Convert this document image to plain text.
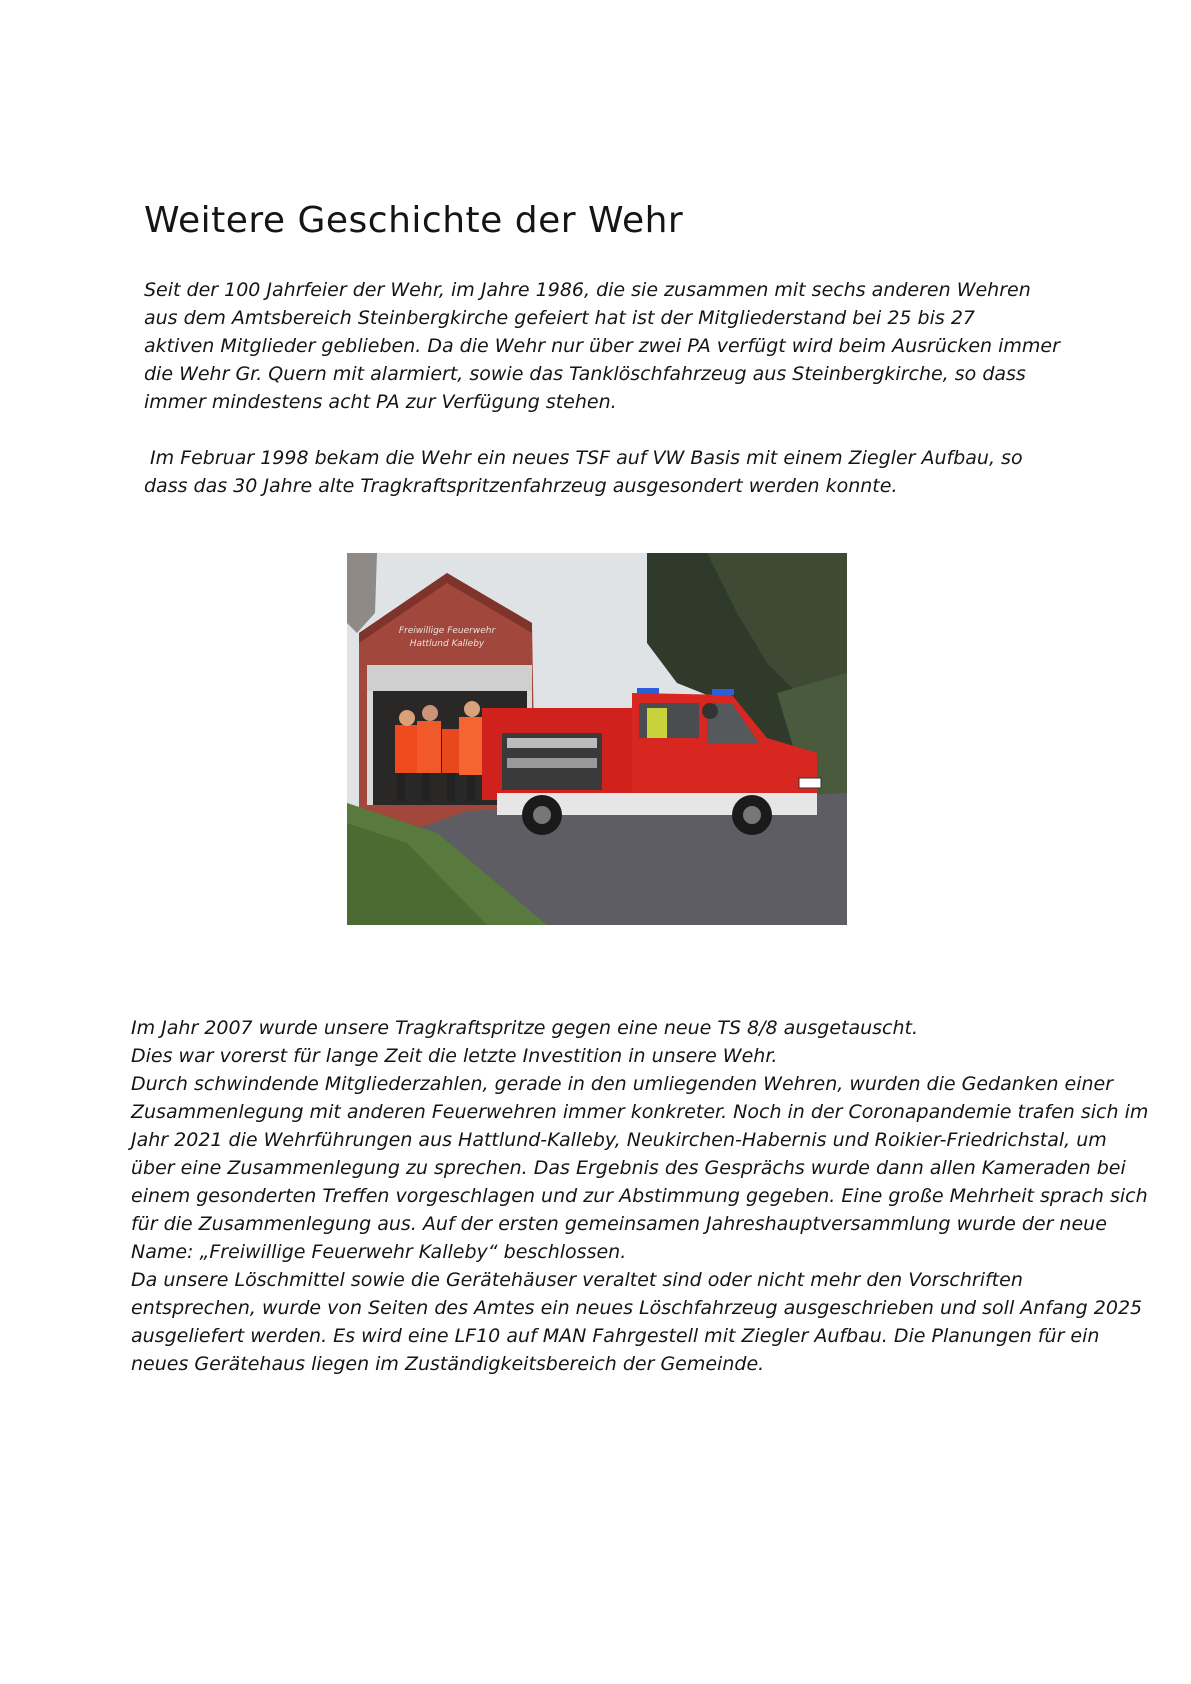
Weitere Geschichte der Wehr
Seit der 100 Jahrfeier der Wehr, im Jahre 1986, die sie zusammen mit sechs anderen Wehren
aus dem Amtsbereich Steinbergkirche gefeiert hat ist der Mitgliederstand bei 25 bis 27
aktiven Mitglieder geblieben. Da die Wehr nur über zwei PA verfügt wird beim Ausrücken immer
die Wehr Gr. Quern mit alarmiert, sowie das Tanklöschfahrzeug aus Steinbergkirche, so dass
immer mindestens acht PA zur Verfügung stehen.
Im Februar 1998 bekam die Wehr ein neues TSF auf VW Basis mit einem Ziegler Aufbau, so
dass das 30 Jahre alte Tragkraftspritzenfahrzeug ausgesondert werden konnte.
Freiwillige Feuerwehr
Hattlund Kalleby
Im Jahr 2007 wurde unsere Tragkraftspritze gegen eine neue TS 8/8 ausgetauscht.
Dies war vorerst für lange Zeit die letzte Investition in unsere Wehr.
Durch schwindende Mitgliederzahlen, gerade in den umliegenden Wehren, wurden die Gedanken einer
Zusammenlegung mit anderen Feuerwehren immer konkreter. Noch in der Coronapandemie trafen sich im
Jahr 2021 die Wehrführungen aus Hattlund-Kalleby, Neukirchen-Habernis und Roikier-Friedrichstal, um
über eine Zusammenlegung zu sprechen. Das Ergebnis des Gesprächs wurde dann allen Kameraden bei
einem gesonderten Treffen vorgeschlagen und zur Abstimmung gegeben. Eine große Mehrheit sprach sich
für die Zusammenlegung aus. Auf der ersten gemeinsamen Jahreshauptversammlung wurde der neue
Name: „Freiwillige Feuerwehr Kalleby“ beschlossen.
Da unsere Löschmittel sowie die Gerätehäuser veraltet sind oder nicht mehr den Vorschriften
entsprechen, wurde von Seiten des Amtes ein neues Löschfahrzeug ausgeschrieben und soll Anfang 2025
ausgeliefert werden. Es wird eine LF10 auf MAN Fahrgestell mit Ziegler Aufbau. Die Planungen für ein
neues Gerätehaus liegen im Zuständigkeitsbereich der Gemeinde.
